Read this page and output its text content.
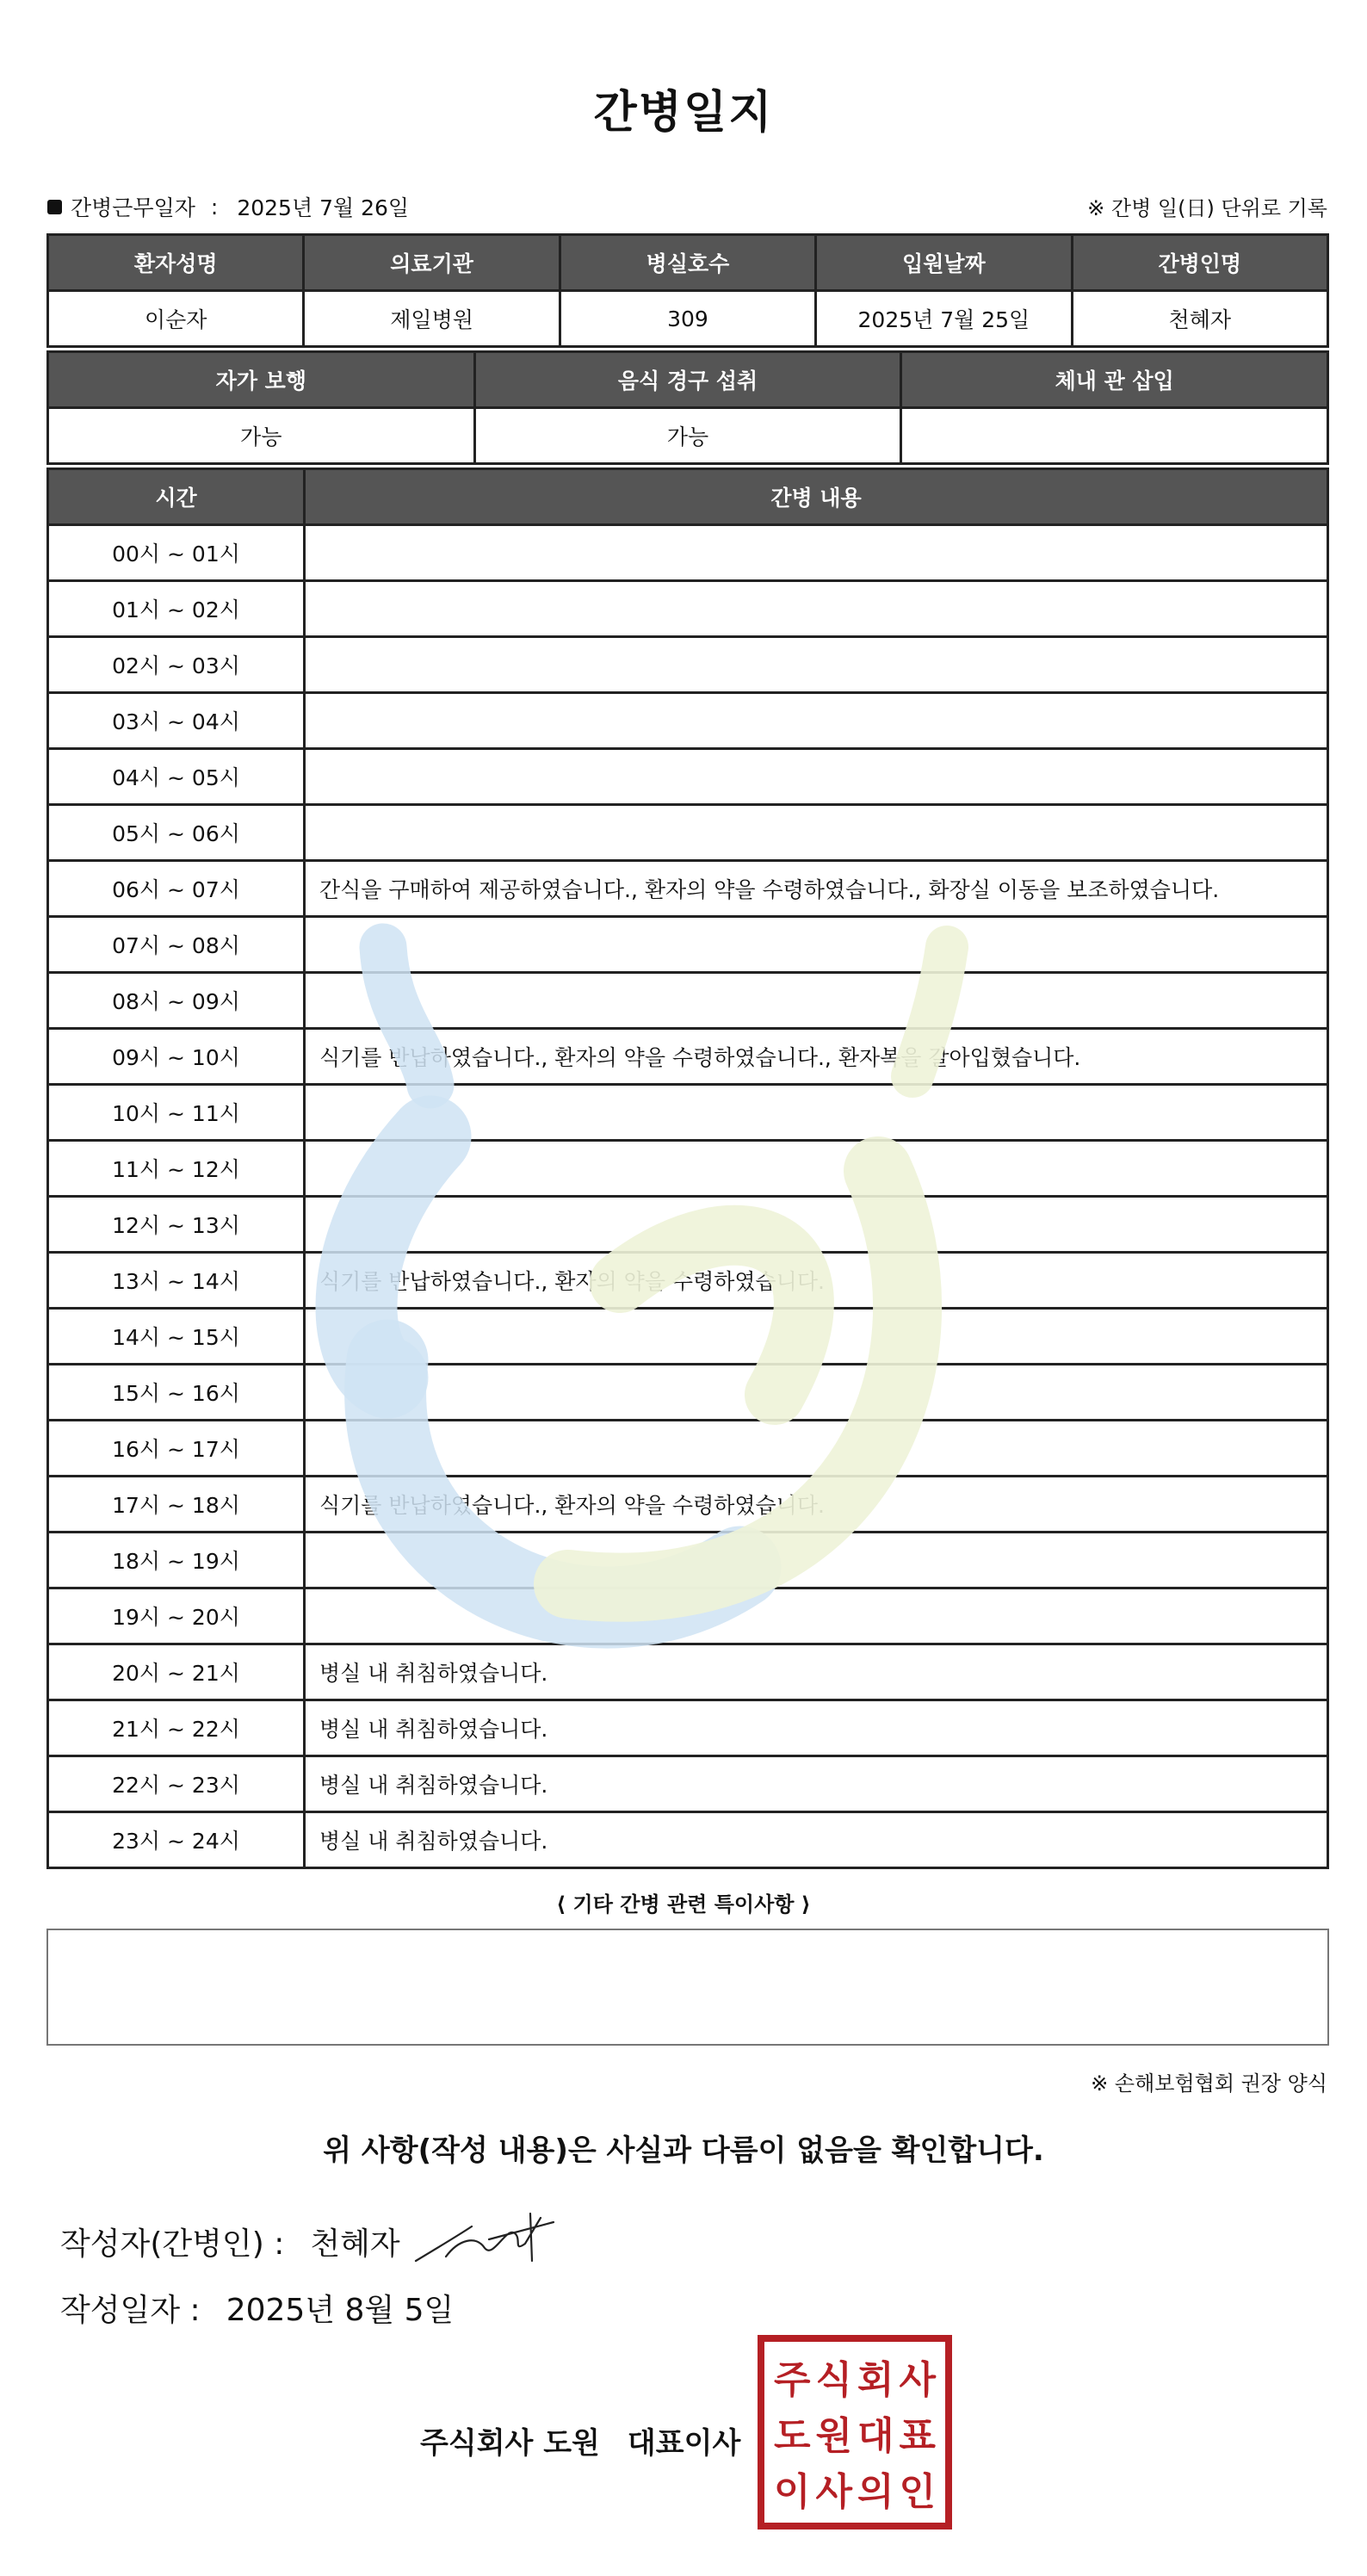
간병일지
간병근무일자 : 2025년 7월 26일	※ 간병 일(日) 단위로 기록
환자성명	의료기관	병실호수	입원날짜	간병인명
이순자	제일병원	309	2025년 7월 25일	천혜자
자가 보행	음식 경구 섭취	체내 관 삽입
가능	가능	
시간	간병 내용
00시 ~ 01시	
01시 ~ 02시	
02시 ~ 03시	
03시 ~ 04시	
04시 ~ 05시	
05시 ~ 06시	
06시 ~ 07시	간식을 구매하여 제공하였습니다., 환자의 약을 수령하였습니다., 화장실 이동을 보조하였습니다.
07시 ~ 08시	
08시 ~ 09시	
09시 ~ 10시	식기를 반납하였습니다., 환자의 약을 수령하였습니다., 환자복을 갈아입혔습니다.
10시 ~ 11시	
11시 ~ 12시	
12시 ~ 13시	
13시 ~ 14시	식기를 반납하였습니다., 환자의 약을 수령하였습니다.
14시 ~ 15시	
15시 ~ 16시	
16시 ~ 17시	
17시 ~ 18시	식기를 반납하였습니다., 환자의 약을 수령하였습니다.
18시 ~ 19시	
19시 ~ 20시	
20시 ~ 21시	병실 내 취침하였습니다.
21시 ~ 22시	병실 내 취침하였습니다.
22시 ~ 23시	병실 내 취침하였습니다.
23시 ~ 24시	병실 내 취침하였습니다.
⟨ 기타 간병 관련 특이사항 ⟩
※ 손해보험협회 권장 양식
위 사항(작성 내용)은 사실과 다름이 없음을 확인합니다.
작성자(간병인) : 천혜자
작성일자 : 2025년 8월 5일
주식회사 도원 대표이사
주 식 회 사
도 원 대 표
이 사 의 인
